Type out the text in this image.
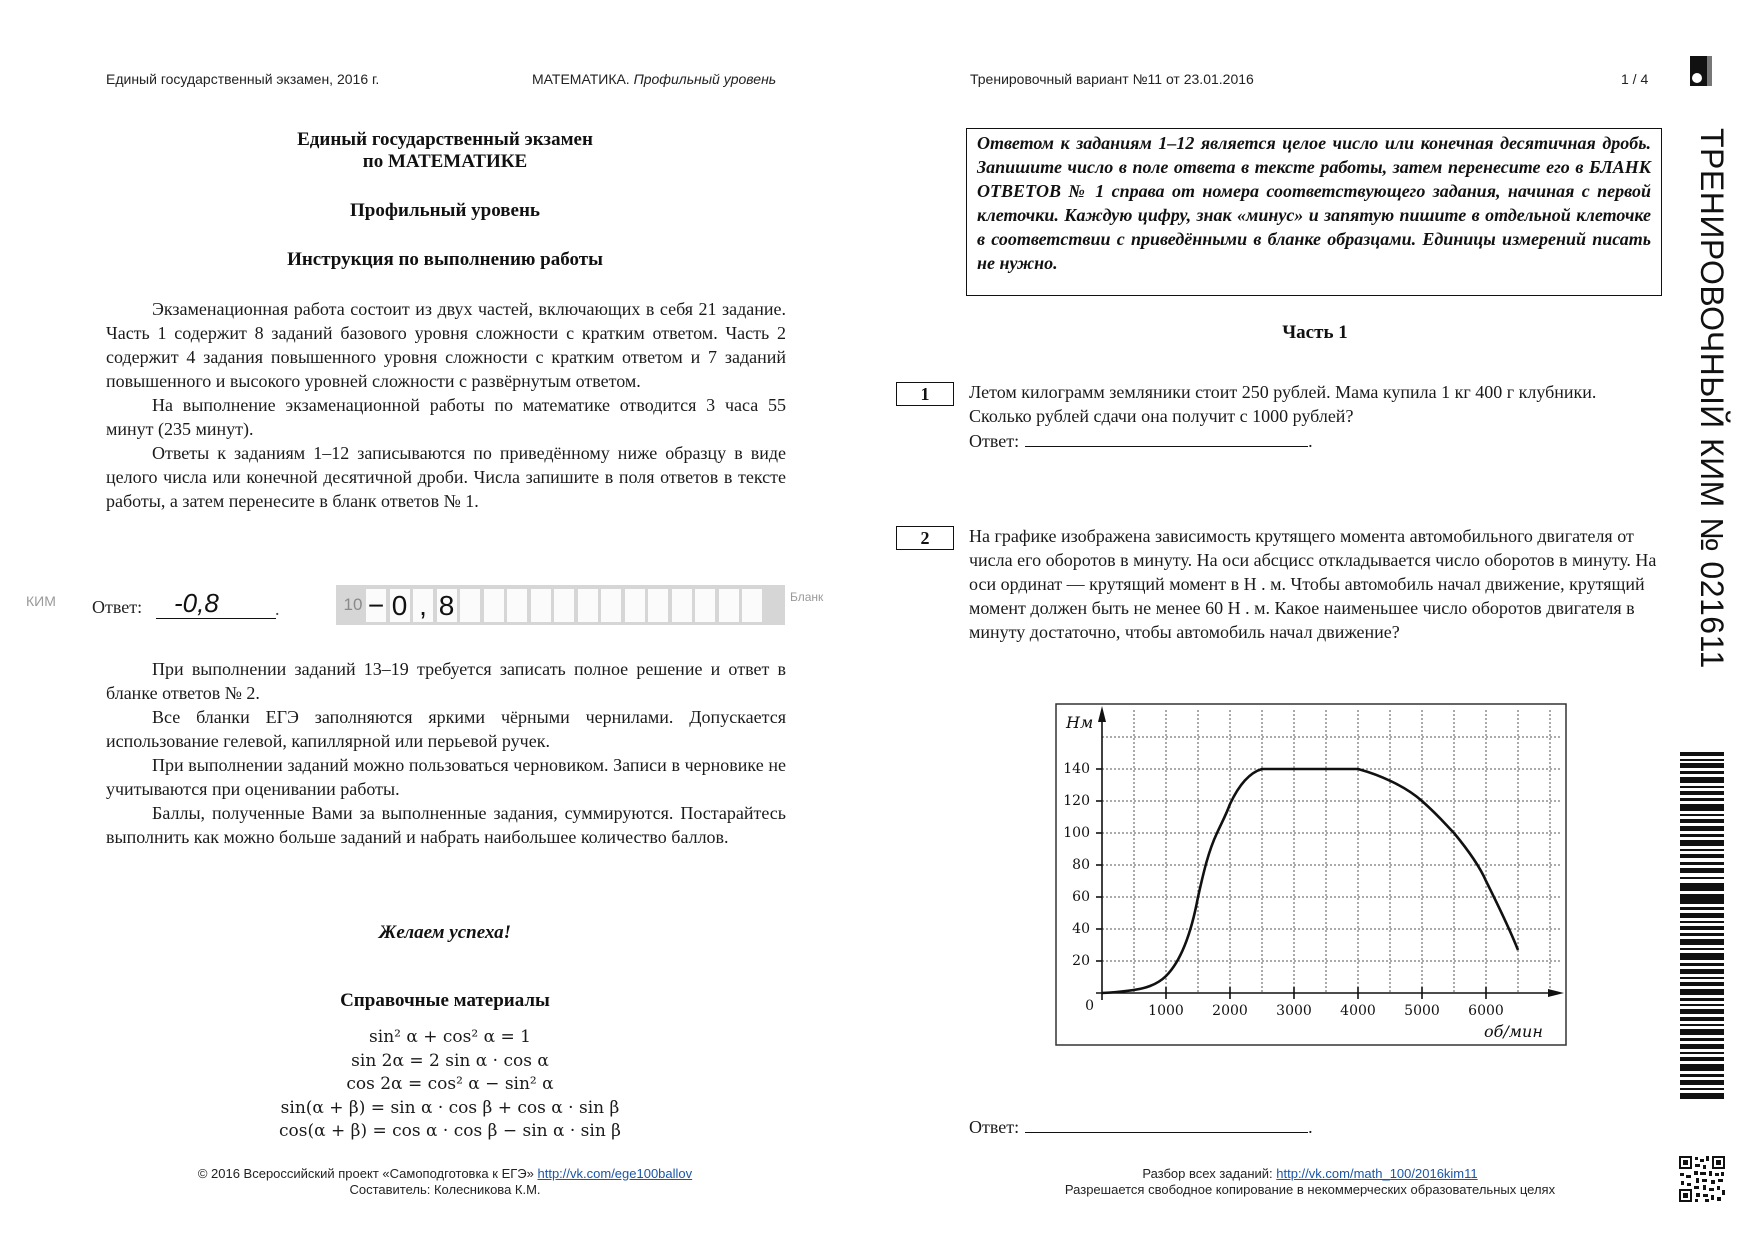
Единый государственный экзамен, 2016 г.	МАТЕМАТИКА. Профильный уровень	Тренировочный вариант №11 от 23.01.2016	1 / 4
Единый государственный экзамен
по МАТЕМАТИКЕ
Профильный уровень
Инструкция по выполнению работы

Экзаменационная работа состоит из двух частей, включающих в себя 21 задание. Часть 1 содержит 8 заданий базового уровня сложности с кратким ответом. Часть 2 содержит 4 задания повышенного уровня сложности с кратким ответом и 7 заданий повышенного и высокого уровней сложности с развёрнутым ответом.

На выполнение экзаменационной работы по математике отводится 3 часа 55 минут (235 минут).

Ответы к заданиям 1–12 записываются по приведённому ниже образцу в виде целого числа или конечной десятичной дроби. Числа запишите в поля ответов в тексте работы, а затем перенесите в бланк ответов № 1.

КИМ Ответ:	-0,8	.	10 − 0 , 8	Бланк

При выполнении заданий 13–19 требуется записать полное решение и ответ в бланке ответов № 2.

Все бланки ЕГЭ заполняются яркими чёрными чернилами. Допускается использование гелевой, капиллярной или перьевой ручек.

При выполнении заданий можно пользоваться черновиком. Записи в черновике не учитываются при оценивании работы.

Баллы, полученные Вами за выполненные задания, суммируются. Постарайтесь выполнить как можно больше заданий и набрать наибольшее количество баллов.

Желаем успеха!
Справочные материалы
sin² α + cos² α = 1
sin 2α = 2 sin α · cos α
cos 2α = cos² α − sin² α
sin(α + β) = sin α · cos β + cos α · sin β
cos(α + β) = cos α · cos β − sin α · sin β
© 2016 Всероссийский проект «Самоподготовка к ЕГЭ» http://vk.com/ege100ballov
Составитель: Колесникова К.М.
Ответом к заданиям 1–12 является целое число или конечная десятичная дробь. Запишите число в поле ответа в тексте работы, затем перенесите его в БЛАНК ОТВЕТОВ № 1 справа от номера соответствующего задания, начиная с первой клеточки. Каждую цифру, знак «минус» и запятую пишите в отдельной клеточке в соответствии с приведёнными в бланке образцами. Единицы измерений писать не нужно.
Часть 1
1	Летом килограмм земляники стоит 250 рублей. Мама купила 1 кг 400 г клубники. Сколько рублей сдачи она получит с 1000 рублей?
Ответ:	.
2	На графике изображена зависимость крутящего момента автомобильного двигателя от числа его оборотов в минуту. На оси абсцисс откладывается число оборотов в минуту. На оси ординат — крутящий момент в Н . м. Чтобы автомобиль начал движение, крутящий момент должен быть не менее 60 Н . м. Какое наименьшее число оборотов двигателя в минуту достаточно, чтобы автомобиль начал движение?
140
120
100
80
60
40
20
0	1000 2000 3000 4000 5000 6000
Нм
об/мин
Ответ:	.
Разбор всех заданий: http://vk.com/math_100/2016kim11
Разрешается свободное копирование в некоммерческих образовательных целях
ТРЕНИРОВОЧНЫЙ КИМ № 021611
